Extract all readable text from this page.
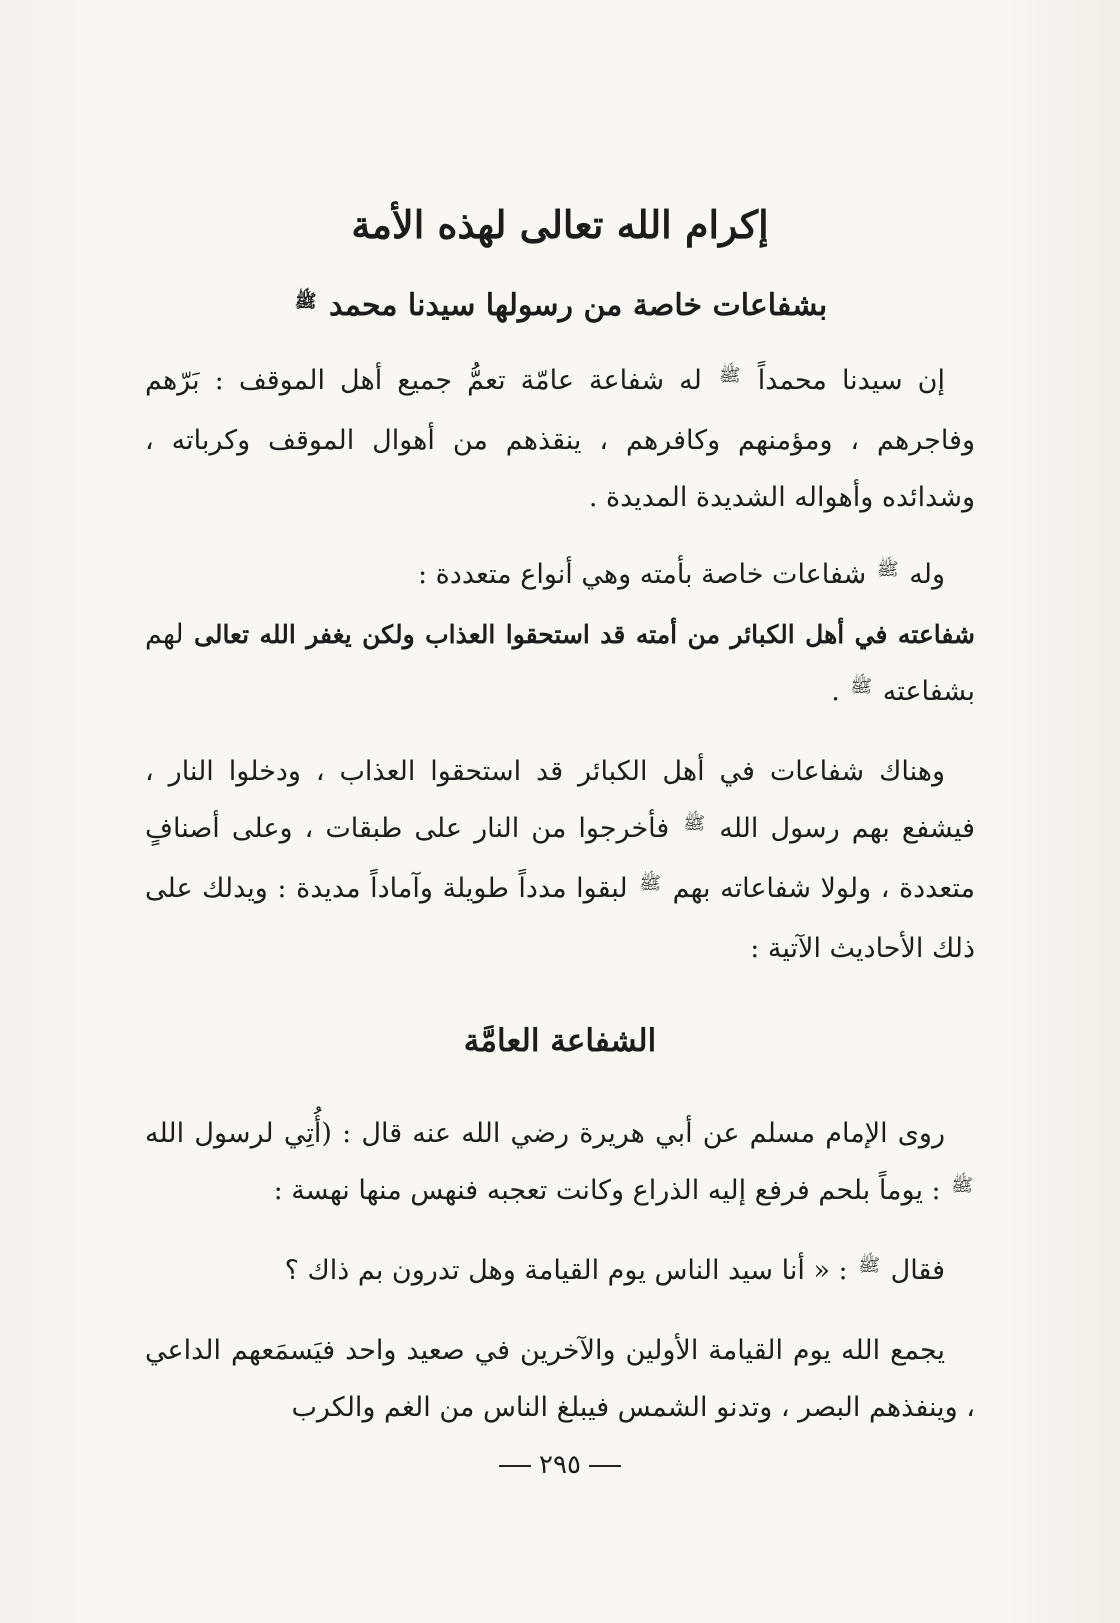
إكرام الله تعالى لهذه الأمة
بشفاعات خاصة من رسولها سيدنا محمد $^ﷺ$

إن سيدنا محمداً $^ﷺ$ له شفاعة عامّة تعمُّ جميع أهل الموقف : بَرّهم وفاجرهم ، ومؤمنهم وكافرهم ، ينقذهم من أهوال الموقف وكرباته ، وشدائده وأهواله الشديدة المديدة .

وله $^ﷺ$ شفاعات خاصة بأمته وهي أنواع متعددة :

شفاعته في أهل الكبائر من أمته قد استحقوا العذاب ولكن يغفر الله تعالى لهم بشفاعته $^ﷺ$ .

وهناك شفاعات في أهل الكبائر قد استحقوا العذاب ، ودخلوا النار ، فيشفع بهم رسول الله $^ﷺ$ فأخرجوا من النار على طبقات ، وعلى أصنافٍ متعددة ، ولولا شفاعاته بهم $^ﷺ$ لبقوا مدداً طويلة وآماداً مديدة : ويدلك على ذلك الأحاديث الآتية :

الشفاعة العامَّة

روى الإمام مسلم عن أبي هريرة رضي الله عنه قال : (أُتِي لرسول الله $^ﷺ$ : يوماً بلحم فرفع إليه الذراع وكانت تعجبه فنهس منها نهسة :

فقال $^ﷺ$ : « أنا سيد الناس يوم القيامة وهل تدرون بم ذاك ؟

يجمع الله يوم القيامة الأولين والآخرين في صعيد واحد فيَسمَعهم الداعي ، وينفذهم البصر ، وتدنو الشمس فيبلغ الناس من الغم والكرب

٢٩٥
